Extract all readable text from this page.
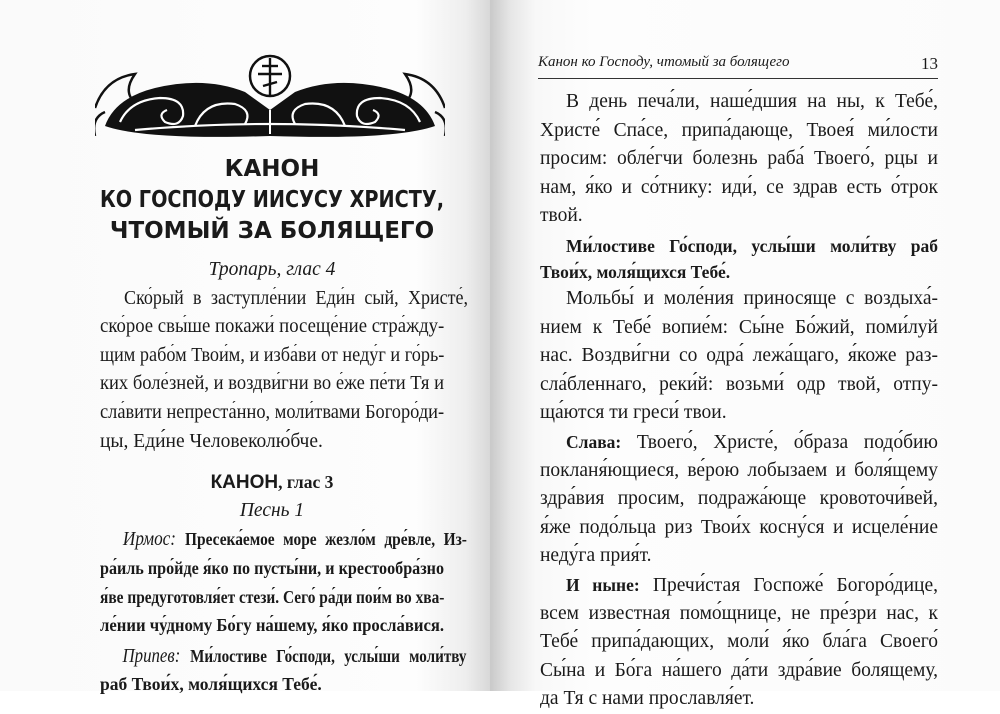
КАНОН
КО ГОСПОДУ ИИСУСУ ХРИСТУ,
ЧТОМЫЙ ЗА БОЛЯЩЕГО
Тропарь, глас 4
Ско́рый в заступле́нии Еди́н сый, Христе́,
ско́рое свы́ше покажи́ посеще́ние стра́жду-
щим рабо́м Твои́м, и изба́ви от неду́г и го́рь-
ких боле́зней, и воздви́гни во е́же пе́ти Тя и
сла́вити непреста́нно, моли́твами Богоро́ди-
цы, Еди́не Человеколю́бче.
КАНОН, глас 3
Песнь 1
Ирмос: Пресека́емое море жезло́м дре́вле, Из-
ра́иль про́йде я́ко по пусты́ни, и крестообра́зно
я́ве предуготовля́ет стези́. Сего́ ра́ди пои́м во хва-
ле́нии чу́дному Бо́гу на́шему, я́ко просла́вися.
Припев: Ми́лостиве Го́споди, услы́ши моли́тву
раб Твои́х, моля́щихся Тебе́.
Канон ко Господу, чтомый за болящего	13
В день печа́ли, наше́дшия на ны, к Тебе́,
Христе́ Спа́се, припа́дающе, Твоея́ ми́лости
просим: обле́гчи болезнь раба́ Твоего́, рцы и
нам, я́ко и со́тнику: иди́, се здрав есть о́трок
твой.
Ми́лостиве Го́споди, услы́ши моли́тву раб
Твои́х, моля́щихся Тебе́.
Мольбы́ и моле́ния приносяще с воздыха́-
нием к Тебе́ вопие́м: Сы́не Бо́жий, поми́луй
нас. Воздви́гни со одра́ лежа́щаго, я́коже раз-
сла́бленнаго, реки́й: возьми́ одр твой, отпу-
ща́ются ти греси́ твои.
Слава: Твоего́, Христе́, о́браза подо́бию
покланя́ющиеся, ве́рою лобызаем и боля́щему
здра́вия просим, подража́юще кровоточи́вей,
я́же подо́льца риз Твои́х косну́ся и исцеле́ние
неду́га прия́т.
И ныне: Пречи́стая Госпоже́ Богоро́дице,
всем известная помо́щнице, не пре́зри нас, к
Тебе́ припа́дающих, моли́ я́ко бла́га Своего́
Сы́на и Бо́га на́шего да́ти здра́вие болящему,
да Тя с нами прославля́ет.
